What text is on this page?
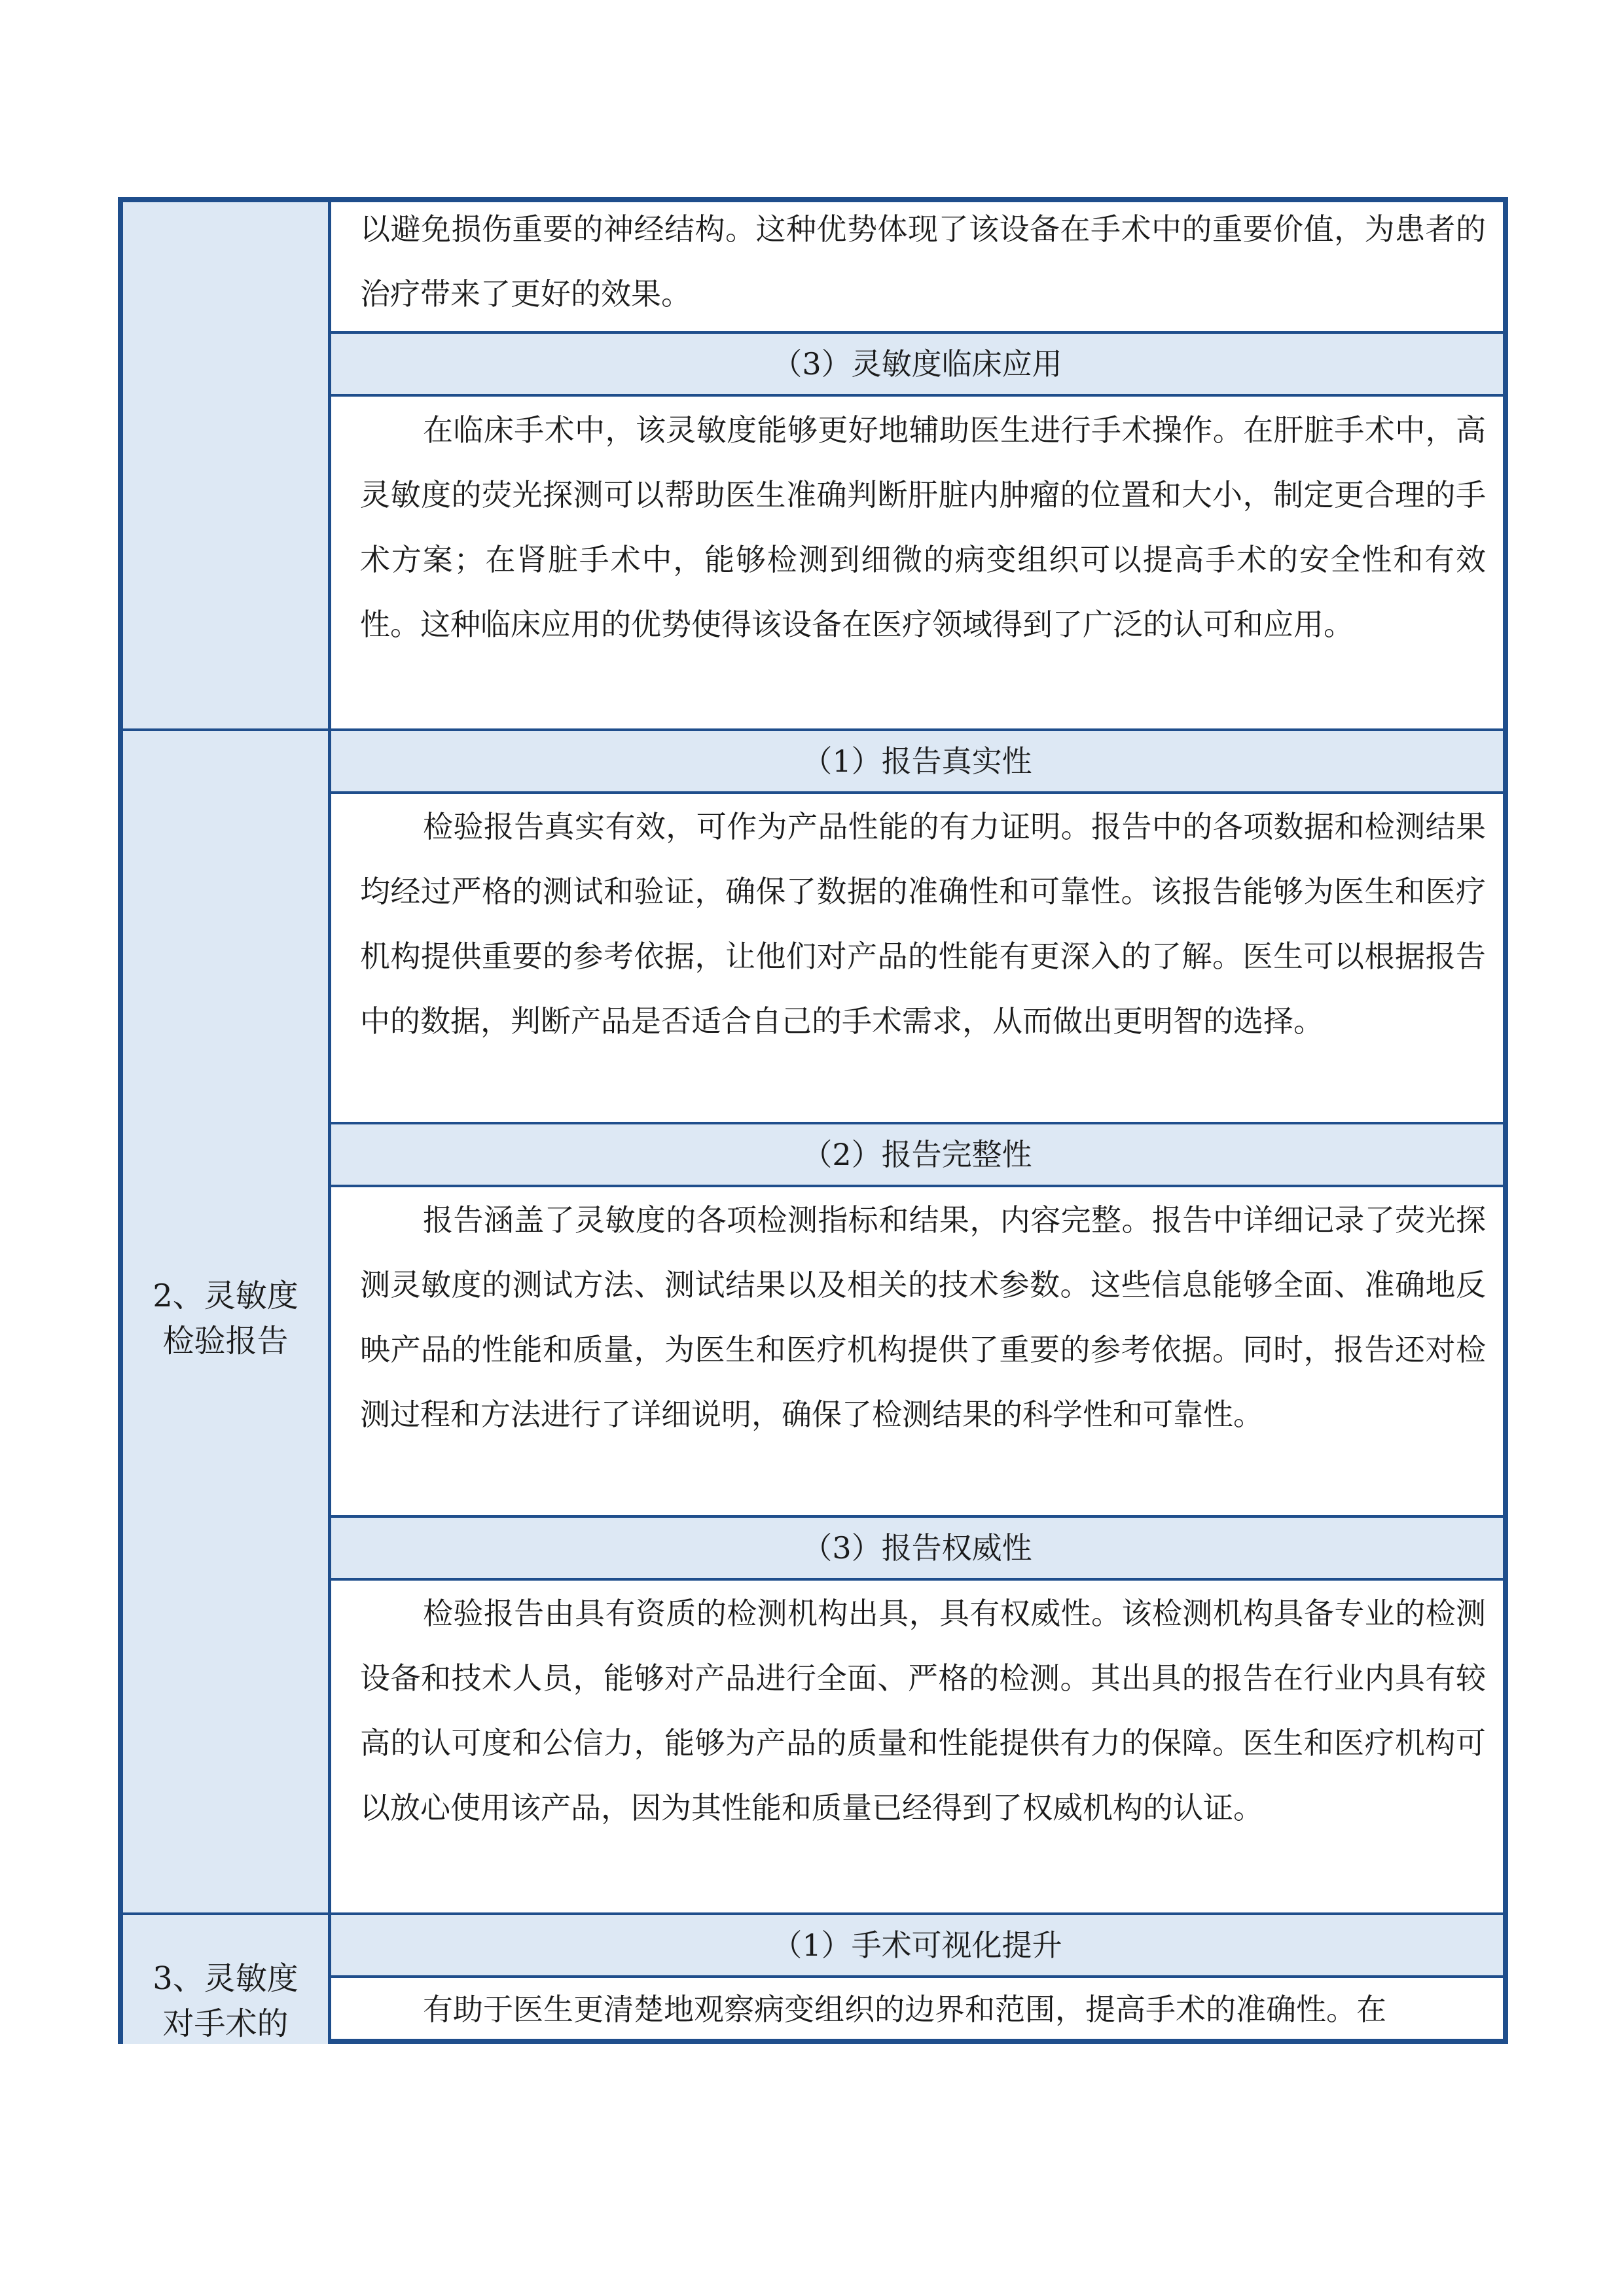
2、灵敏度
检验报告
3、灵敏度
对手术的

以避免损伤重要的神经结构。这种优势体现了该设备在手术中的重要价值，为患者的治疗带来了更好的效果。

（3）灵敏度临床应用

在临床手术中，该灵敏度能够更好地辅助医生进行手术操作。在肝脏手术中，高灵敏度的荧光探测可以帮助医生准确判断肝脏内肿瘤的位置和大小，制定更合理的手术方案；在肾脏手术中，能够检测到细微的病变组织可以提高手术的安全性和有效性。这种临床应用的优势使得该设备在医疗领域得到了广泛的认可和应用。

（1）报告真实性

检验报告真实有效，可作为产品性能的有力证明。报告中的各项数据和检测结果均经过严格的测试和验证，确保了数据的准确性和可靠性。该报告能够为医生和医疗机构提供重要的参考依据，让他们对产品的性能有更深入的了解。医生可以根据报告中的数据，判断产品是否适合自己的手术需求，从而做出更明智的选择。

（2）报告完整性

报告涵盖了灵敏度的各项检测指标和结果，内容完整。报告中详细记录了荧光探测灵敏度的测试方法、测试结果以及相关的技术参数。这些信息能够全面、准确地反映产品的性能和质量，为医生和医疗机构提供了重要的参考依据。同时，报告还对检测过程和方法进行了详细说明，确保了检测结果的科学性和可靠性。

（3）报告权威性

检验报告由具有资质的检测机构出具，具有权威性。该检测机构具备专业的检测设备和技术人员，能够对产品进行全面、严格的检测。其出具的报告在行业内具有较高的认可度和公信力，能够为产品的质量和性能提供有力的保障。医生和医疗机构可以放心使用该产品，因为其性能和质量已经得到了权威机构的认证。

（1）手术可视化提升

有助于医生更清楚地观察病变组织的边界和范围，提高手术的准确性。在
